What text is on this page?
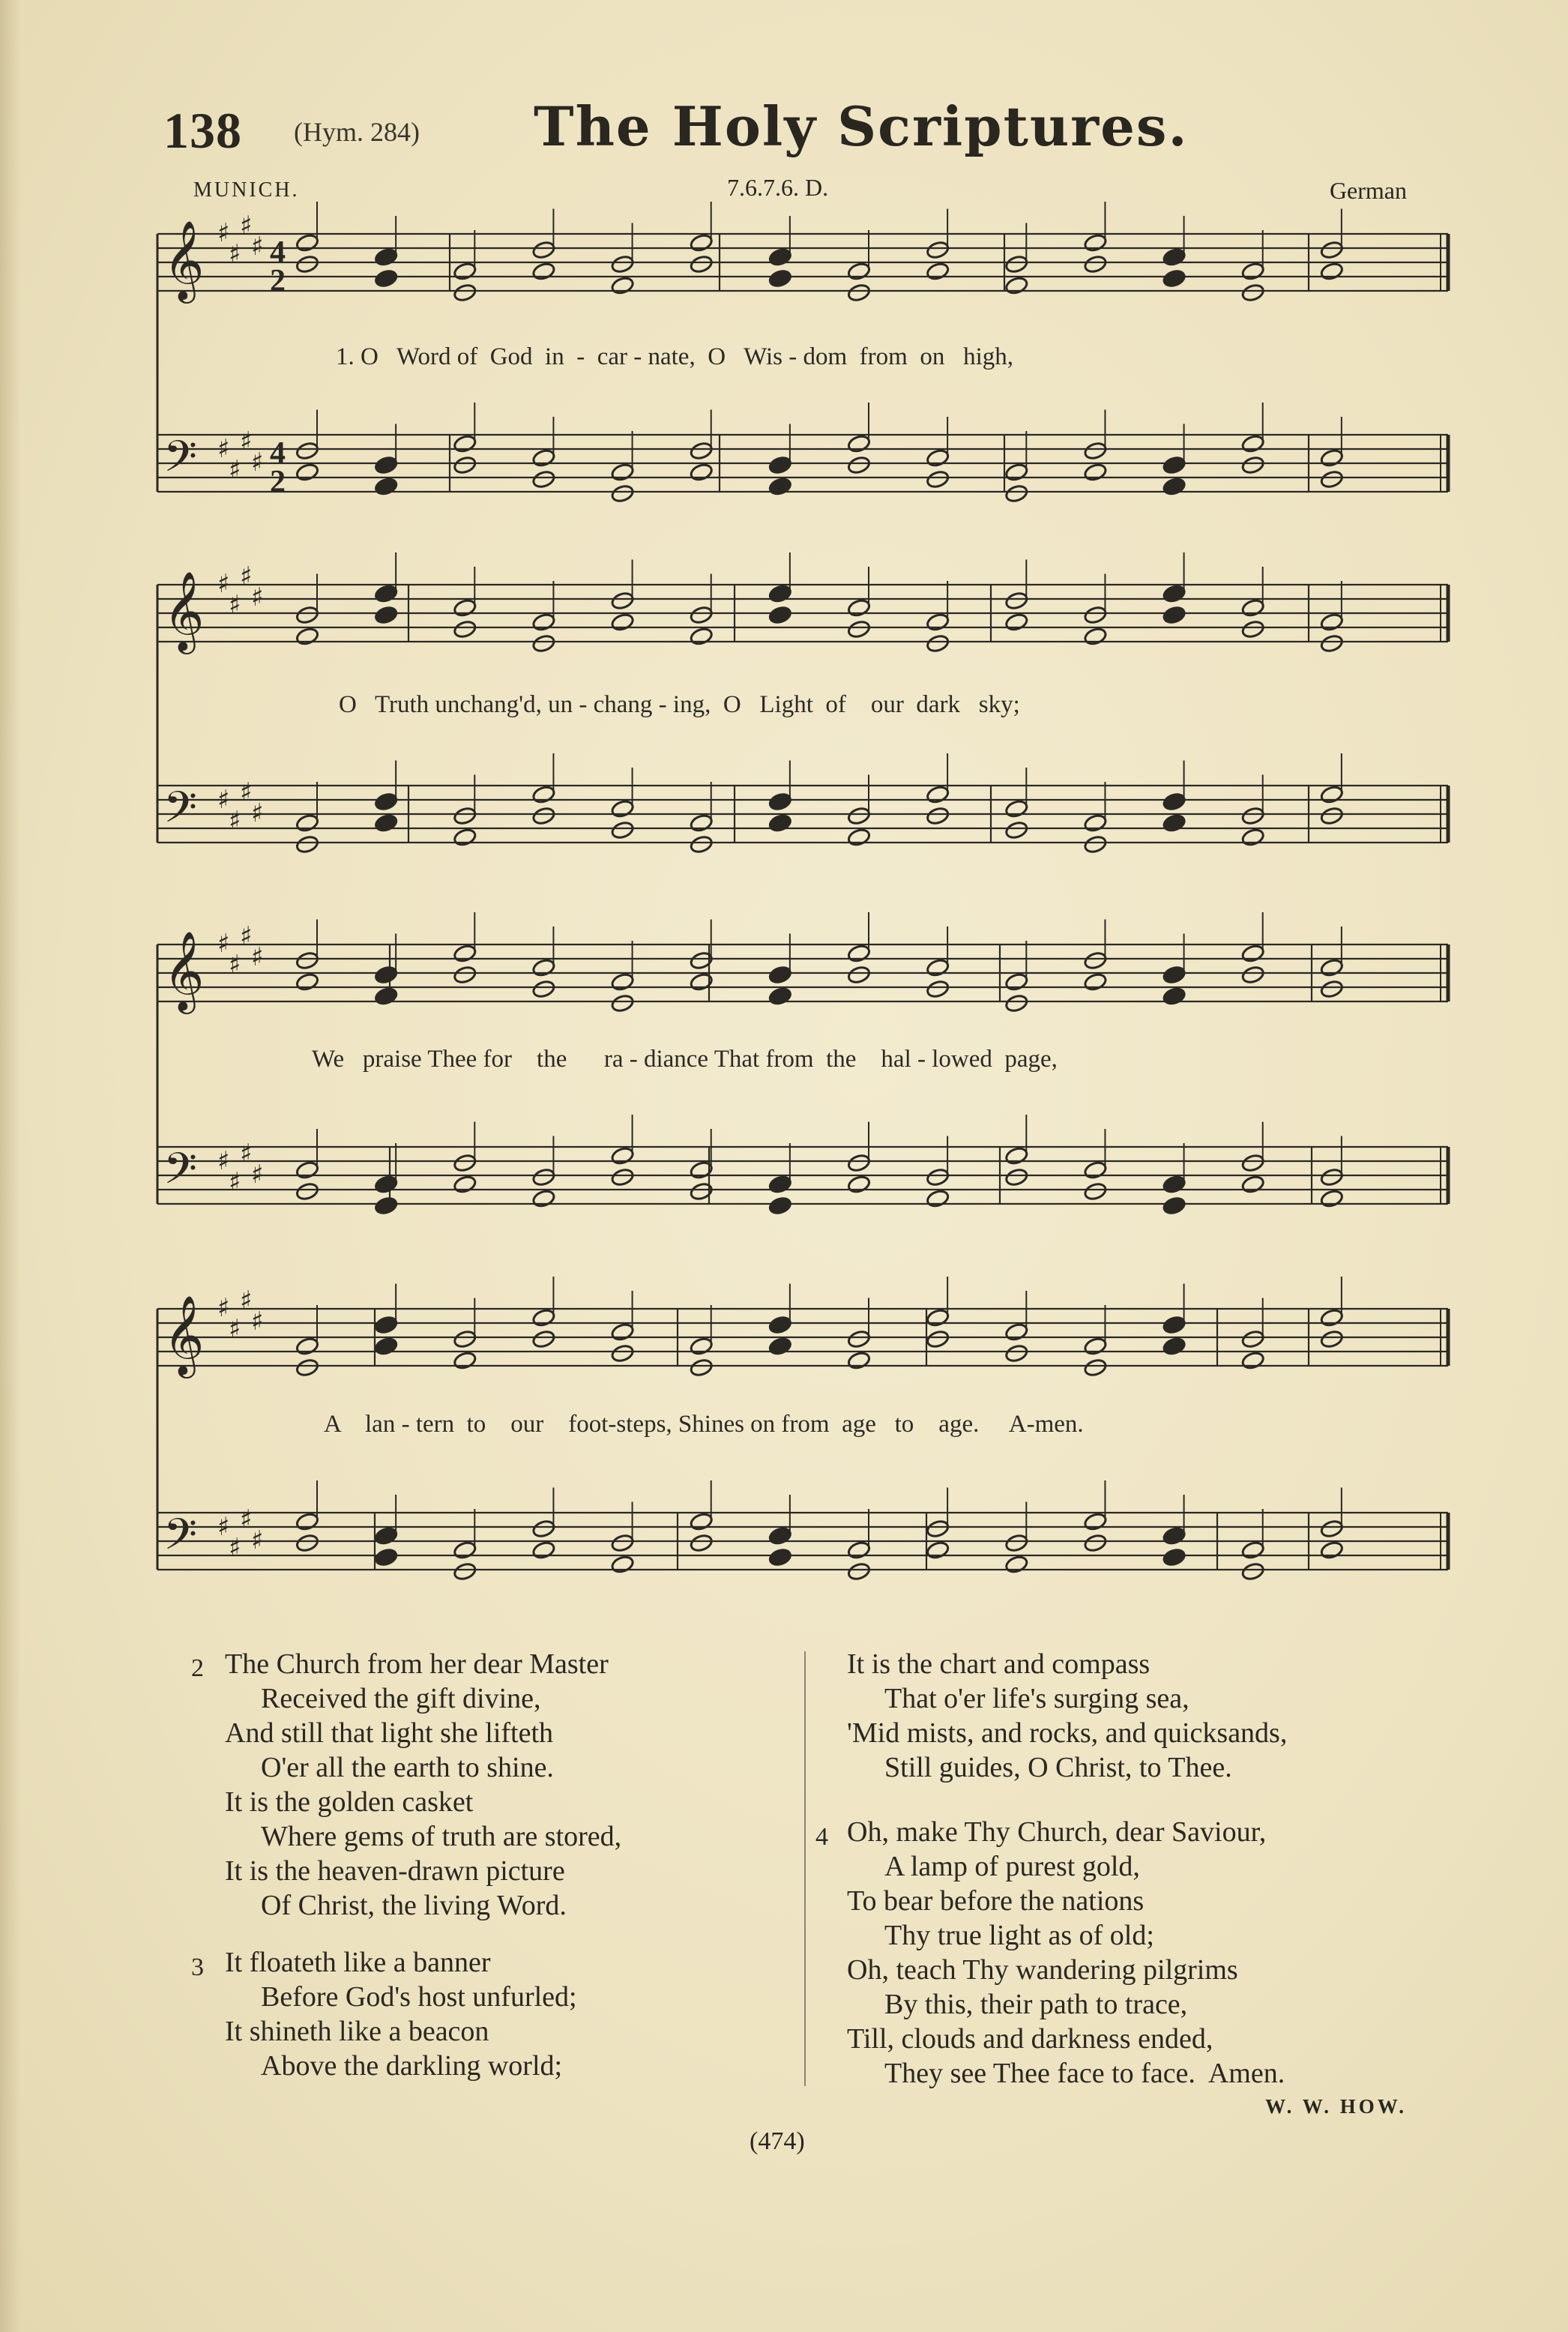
138 (Hym. 284) The Holy Scriptures.
MUNICH.	7.6.7.6. D.	German
𝄞 ♯
♯
♯
♯
𝄢 ♯
♯
♯
♯
𝄞 ♯
♯
♯
♯
𝄢 ♯
♯
♯
♯
𝄞 ♯
♯
♯
♯
𝄢 ♯
♯
♯
♯
𝄞 ♯
♯
♯
♯
𝄢 ♯
♯
♯
♯
4
2
4
2
1. O   Word of  God  in  -  car - nate,  O   Wis - dom  from  on   high,
O   Truth unchang'd, un - chang - ing,  O   Light  of    our  dark   sky;
We   praise Thee for    the      ra - diance That from  the    hal - lowed  page,
A    lan - tern  to    our    foot-steps, Shines on from  age   to    age.     A-men.
2 The Church from her dear Master
Received the gift divine,
And still that light she lifteth
O'er all the earth to shine.
It is the golden casket
Where gems of truth are stored,
It is the heaven-drawn picture
Of Christ, the living Word.
3 It floateth like a banner
Before God's host unfurled;
It shineth like a beacon
Above the darkling world;
It is the chart and compass
That o'er life's surging sea,
'Mid mists, and rocks, and quicksands,
Still guides, O Christ, to Thee.
4 Oh, make Thy Church, dear Saviour,
A lamp of purest gold,
To bear before the nations
Thy true light as of old;
Oh, teach Thy wandering pilgrims
By this, their path to trace,
Till, clouds and darkness ended,
They see Thee face to face.  Amen.
W. W. HOW.
(474)
